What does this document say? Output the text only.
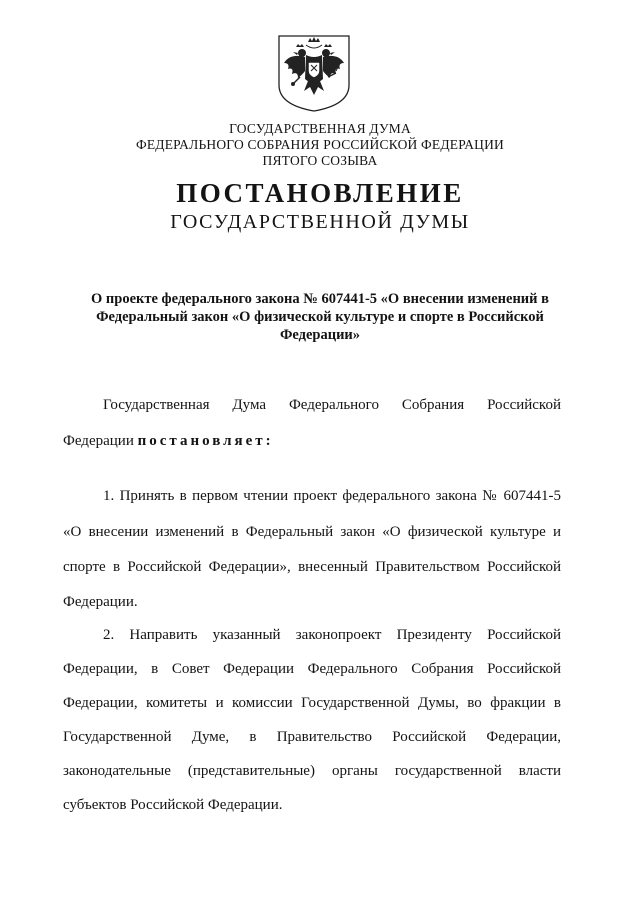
ГОСУДАРСТВЕННАЯ ДУМА
ФЕДЕРАЛЬНОГО СОБРАНИЯ РОССИЙСКОЙ ФЕДЕРАЦИИ
ПЯТОГО СОЗЫВА
ПОСТАНОВЛЕНИЕ
ГОСУДАРСТВЕННОЙ ДУМЫ
О проекте федерального закона № 607441-5 «О внесении изменений в Федеральный закон «О физической культуре и спорте в Российской Федерации»
Государственная Дума Федерального Собрания Российской
Федерации постановляет:
1. Принять в первом чтении проект федерального закона № 607441-5
«О внесении изменений в Федеральный закон «О физической культуре и
спорте в Российской Федерации», внесенный Правительством Российской
Федерации.
2. Направить указанный законопроект Президенту Российской
Федерации, в Совет Федерации Федерального Собрания Российской
Федерации, комитеты и комиссии Государственной Думы, во фракции в
Государственной Думе, в Правительство Российской Федерации,
законодательные (представительные) органы государственной власти
субъектов Российской Федерации.
